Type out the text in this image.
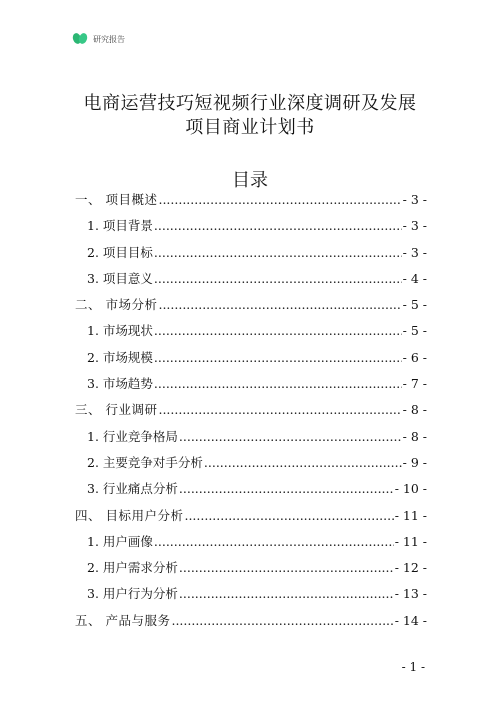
研究报告
电商运营技巧短视频行业深度调研及发展
项目商业计划书
目录
一、 项目概述 .....	- 3 -
1. 项目背景 .....	- 3 -
2. 项目目标 .....	- 3 -
3. 项目意义 .....	- 4 -
二、 市场分析 .....	- 5 -
1. 市场现状 .....	- 5 -
2. 市场规模 .....	- 6 -
3. 市场趋势 .....	- 7 -
三、 行业调研 .....	- 8 -
1. 行业竞争格局 .....	- 8 -
2. 主要竞争对手分析 .....	- 9 -
3. 行业痛点分析 .....	- 10 -
四、 目标用户分析 .....	- 11 -
1. 用户画像 .....	- 11 -
2. 用户需求分析 .....	- 12 -
3. 用户行为分析 .....	- 13 -
五、 产品与服务 .....	- 14 -
- 1 -
